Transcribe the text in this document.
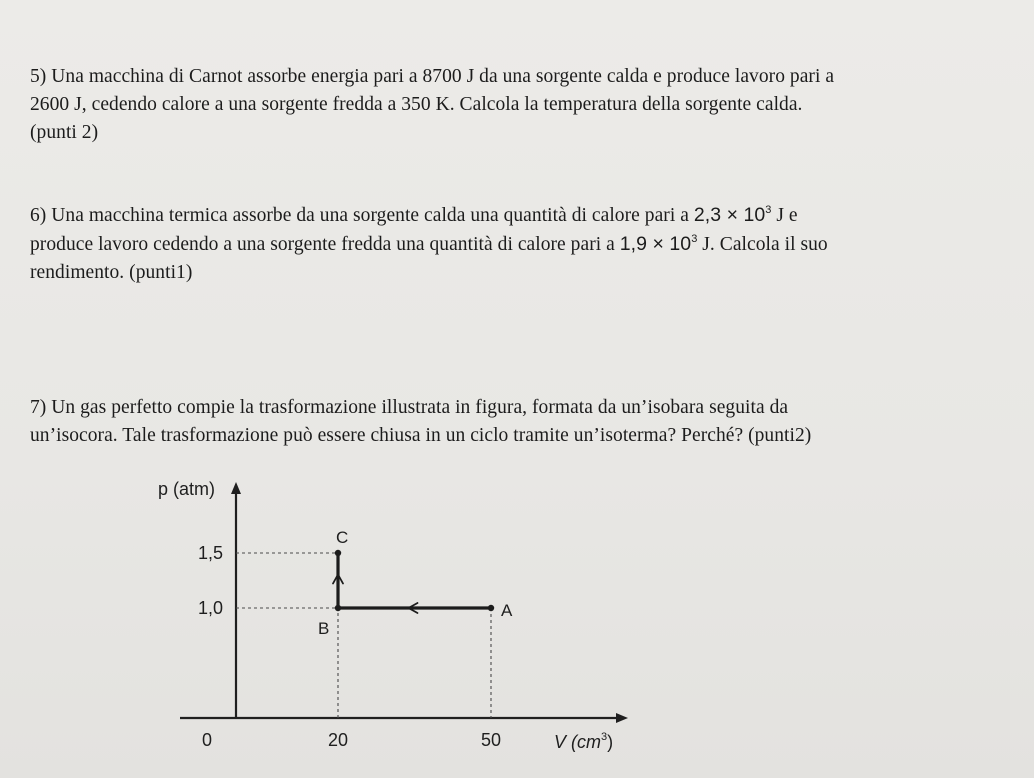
5) Una macchina di Carnot assorbe energia pari a 8700 J da una sorgente calda e produce lavoro pari a
2600 J, cedendo calore a una sorgente fredda a 350 K. Calcola la temperatura della sorgente calda.
(punti 2)
6) Una macchina termica assorbe da una sorgente calda una quantità di calore pari a $2,3 \times 10^3$ J e
produce lavoro cedendo a una sorgente fredda una quantità di calore pari a $1,9 \times 10^3$ J. Calcola il suo
rendimento. (punti1)
7) Un gas perfetto compie la trasformazione illustrata in figura, formata da un’isobara seguita da
un’isocora. Tale trasformazione può essere chiusa in un ciclo tramite un’isoterma? Perché? (punti2)
A
B
C
p (atm)
0	V $(cm^3)$
20	50
1,0
1,5
